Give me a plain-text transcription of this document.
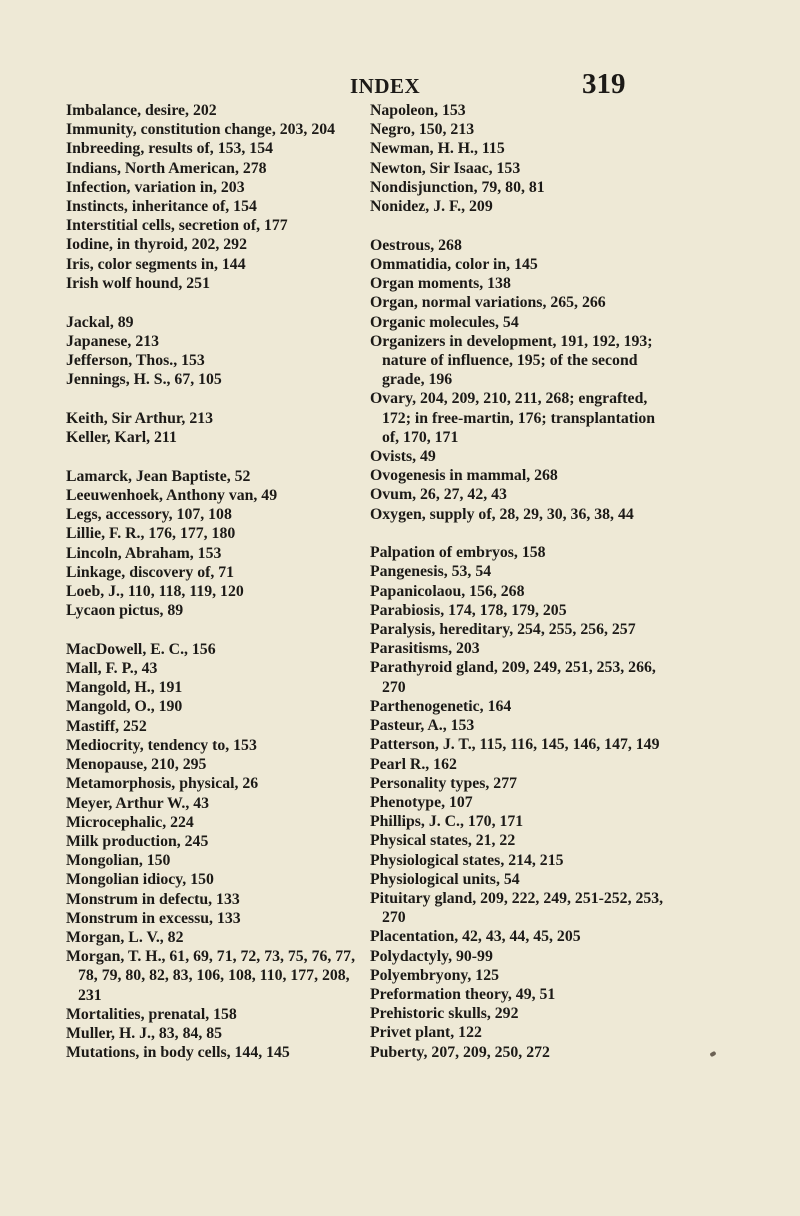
INDEX	319
Imbalance, desire, 202
Immunity, constitution change, 203, 204
Inbreeding, results of, 153, 154
Indians, North American, 278
Infection, variation in, 203
Instincts, inheritance of, 154
Interstitial cells, secretion of, 177
Iodine, in thyroid, 202, 292
Iris, color segments in, 144
Irish wolf hound, 251
Jackal, 89
Japanese, 213
Jefferson, Thos., 153
Jennings, H. S., 67, 105
Keith, Sir Arthur, 213
Keller, Karl, 211
Lamarck, Jean Baptiste, 52
Leeuwenhoek, Anthony van, 49
Legs, accessory, 107, 108
Lillie, F. R., 176, 177, 180
Lincoln, Abraham, 153
Linkage, discovery of, 71
Loeb, J., 110, 118, 119, 120
Lycaon pictus, 89
MacDowell, E. C., 156
Mall, F. P., 43
Mangold, H., 191
Mangold, O., 190
Mastiff, 252
Mediocrity, tendency to, 153
Menopause, 210, 295
Metamorphosis, physical, 26
Meyer, Arthur W., 43
Microcephalic, 224
Milk production, 245
Mongolian, 150
Mongolian idiocy, 150
Monstrum in defectu, 133
Monstrum in excessu, 133
Morgan, L. V., 82
Morgan, T. H., 61, 69, 71, 72, 73, 75, 76, 77, 78, 79, 80, 82, 83, 106, 108, 110, 177, 208, 231
Mortalities, prenatal, 158
Muller, H. J., 83, 84, 85
Mutations, in body cells, 144, 145
Napoleon, 153
Negro, 150, 213
Newman, H. H., 115
Newton, Sir Isaac, 153
Nondisjunction, 79, 80, 81
Nonidez, J. F., 209
Oestrous, 268
Ommatidia, color in, 145
Organ moments, 138
Organ, normal variations, 265, 266
Organic molecules, 54
Organizers in development, 191, 192, 193; nature of influence, 195; of the second grade, 196
Ovary, 204, 209, 210, 211, 268; engrafted, 172; in free-martin, 176; transplantation of, 170, 171
Ovists, 49
Ovogenesis in mammal, 268
Ovum, 26, 27, 42, 43
Oxygen, supply of, 28, 29, 30, 36, 38, 44
Palpation of embryos, 158
Pangenesis, 53, 54
Papanicolaou, 156, 268
Parabiosis, 174, 178, 179, 205
Paralysis, hereditary, 254, 255, 256, 257
Parasitisms, 203
Parathyroid gland, 209, 249, 251, 253, 266, 270
Parthenogenetic, 164
Pasteur, A., 153
Patterson, J. T., 115, 116, 145, 146, 147, 149
Pearl R., 162
Personality types, 277
Phenotype, 107
Phillips, J. C., 170, 171
Physical states, 21, 22
Physiological states, 214, 215
Physiological units, 54
Pituitary gland, 209, 222, 249, 251-252, 253, 270
Placentation, 42, 43, 44, 45, 205
Polydactyly, 90-99
Polyembryony, 125
Preformation theory, 49, 51
Prehistoric skulls, 292
Privet plant, 122
Puberty, 207, 209, 250, 272
